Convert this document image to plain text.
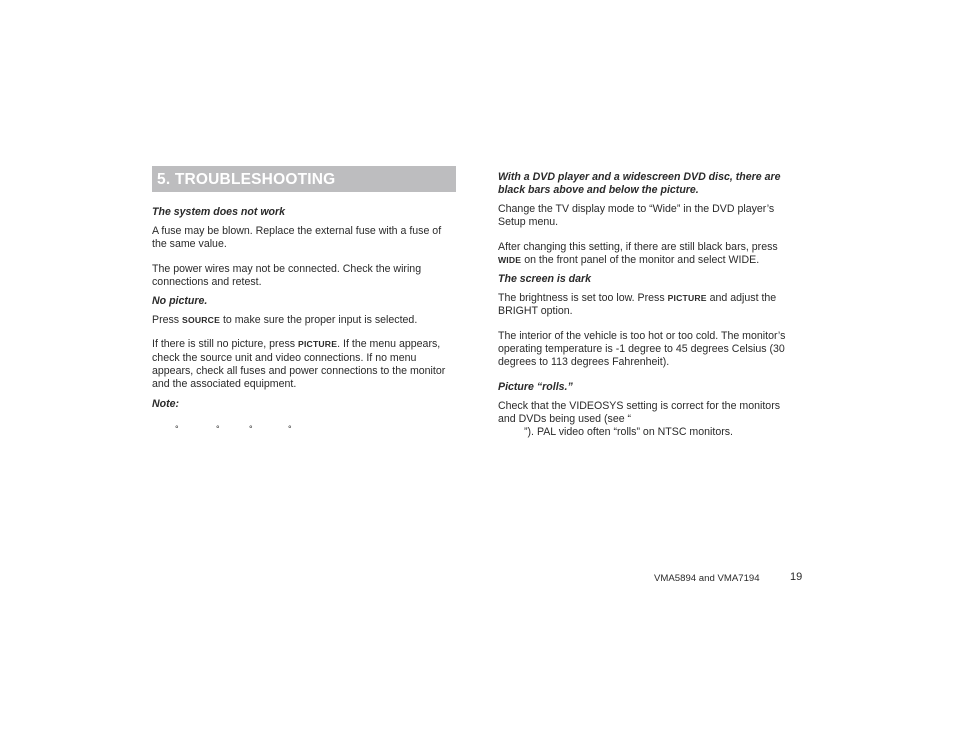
5. TROUBLESHOOTING

The system does not work

A fuse may be blown. Replace the external fuse with a fuse of the same value.

The power wires may not be connected. Check the wiring connections and retest.

No picture.

Press SOURCE to make sure the proper input is selected.

If there is still no picture, press PICTURE. If the menu appears, check the source unit and video connections. If no menu appears, check all fuses and power connections to the monitor and the associated equipment.

Note:

°	°	°	°

With a DVD player and a widescreen DVD disc, there are black bars above and below the picture.

Change the TV display mode to “Wide” in the DVD player’s Setup menu.

After changing this setting, if there are still black bars, press WIDE on the front panel of the monitor and select WIDE.

The screen is dark

The brightness is set too low. Press PICTURE and adjust the BRIGHT option.

The interior of the vehicle is too hot or too cold. The monitor’s operating temperature is -1 degree to 45 degrees Celsius (30 degrees to 113 degrees Fahrenheit).

Picture “rolls.”

Check that the VIDEOSYS setting is correct for the monitors and DVDs being used (see “
”). PAL video often “rolls” on NTSC monitors.

VMA5894 and VMA7194	19
